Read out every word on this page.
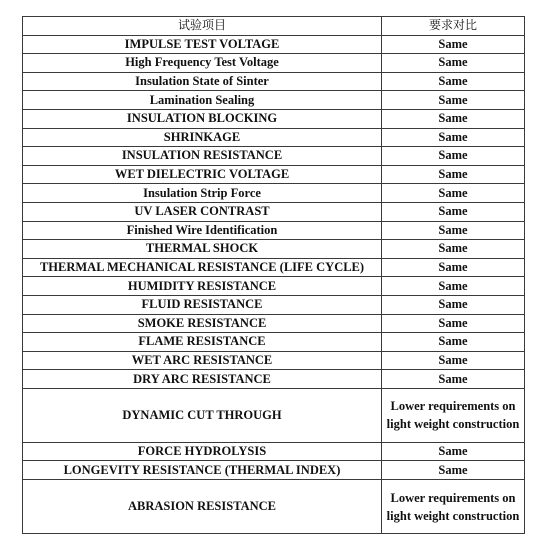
试验项目	要求对比
IMPULSE TEST VOLTAGE	Same
High Frequency Test Voltage	Same
Insulation State of Sinter	Same
Lamination Sealing	Same
INSULATION BLOCKING	Same
SHRINKAGE	Same
INSULATION RESISTANCE	Same
WET DIELECTRIC VOLTAGE	Same
Insulation Strip Force	Same
UV LASER CONTRAST	Same
Finished Wire Identification	Same
THERMAL SHOCK	Same
THERMAL MECHANICAL RESISTANCE (LIFE CYCLE)	Same
HUMIDITY RESISTANCE	Same
FLUID RESISTANCE	Same
SMOKE RESISTANCE	Same
FLAME RESISTANCE	Same
WET ARC RESISTANCE	Same
DRY ARC RESISTANCE	Same
DYNAMIC CUT THROUGH	Lower requirements on light weight construction
FORCE HYDROLYSIS	Same
LONGEVITY RESISTANCE (THERMAL INDEX)	Same
ABRASION RESISTANCE	Lower requirements on light weight construction
